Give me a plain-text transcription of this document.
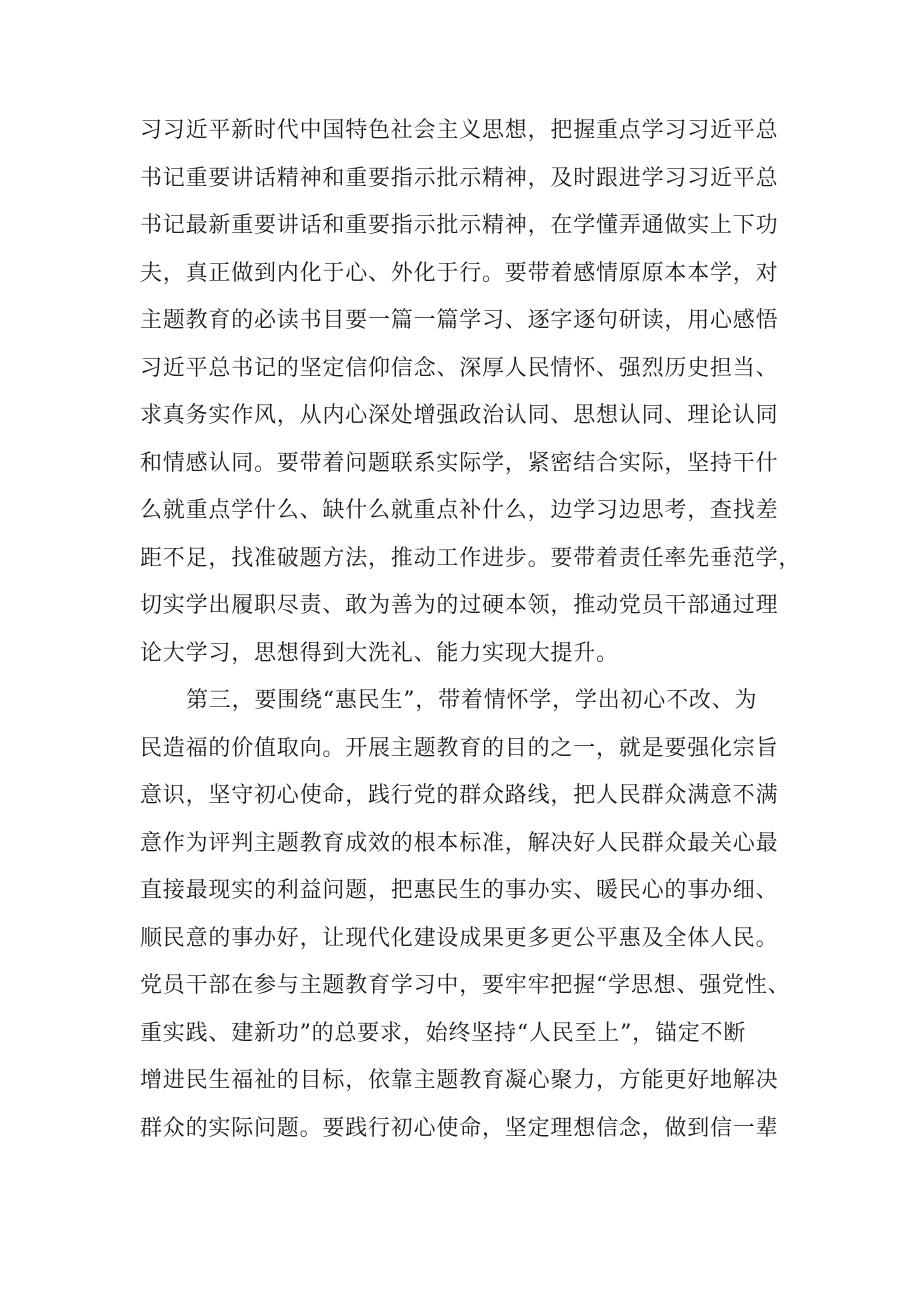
习习近平新时代中国特色社会主义思想，把握重点学习习近平总
书记重要讲话精神和重要指示批示精神，及时跟进学习习近平总
书记最新重要讲话和重要指示批示精神，在学懂弄通做实上下功
夫，真正做到内化于心、外化于行。要带着感情原原本本学，对
主题教育的必读书目要一篇一篇学习、逐字逐句研读，用心感悟
习近平总书记的坚定信仰信念、深厚人民情怀、强烈历史担当、
求真务实作风，从内心深处增强政治认同、思想认同、理论认同
和情感认同。要带着问题联系实际学，紧密结合实际，坚持干什
么就重点学什么、缺什么就重点补什么，边学习边思考，查找差
距不足，找准破题方法，推动工作进步。要带着责任率先垂范学，
切实学出履职尽责、敢为善为的过硬本领，推动党员干部通过理
论大学习，思想得到大洗礼、能力实现大提升。
第三，要围绕“惠民生”，带着情怀学，学出初心不改、为
民造福的价值取向。开展主题教育的目的之一，就是要强化宗旨
意识，坚守初心使命，践行党的群众路线，把人民群众满意不满
意作为评判主题教育成效的根本标准，解决好人民群众最关心最
直接最现实的利益问题，把惠民生的事办实、暖民心的事办细、
顺民意的事办好，让现代化建设成果更多更公平惠及全体人民。
党员干部在参与主题教育学习中，要牢牢把握“学思想、强党性、
重实践、建新功”的总要求，始终坚持“人民至上”，锚定不断
增进民生福祉的目标，依靠主题教育凝心聚力，方能更好地解决
群众的实际问题。要践行初心使命，坚定理想信念，做到信一辈
